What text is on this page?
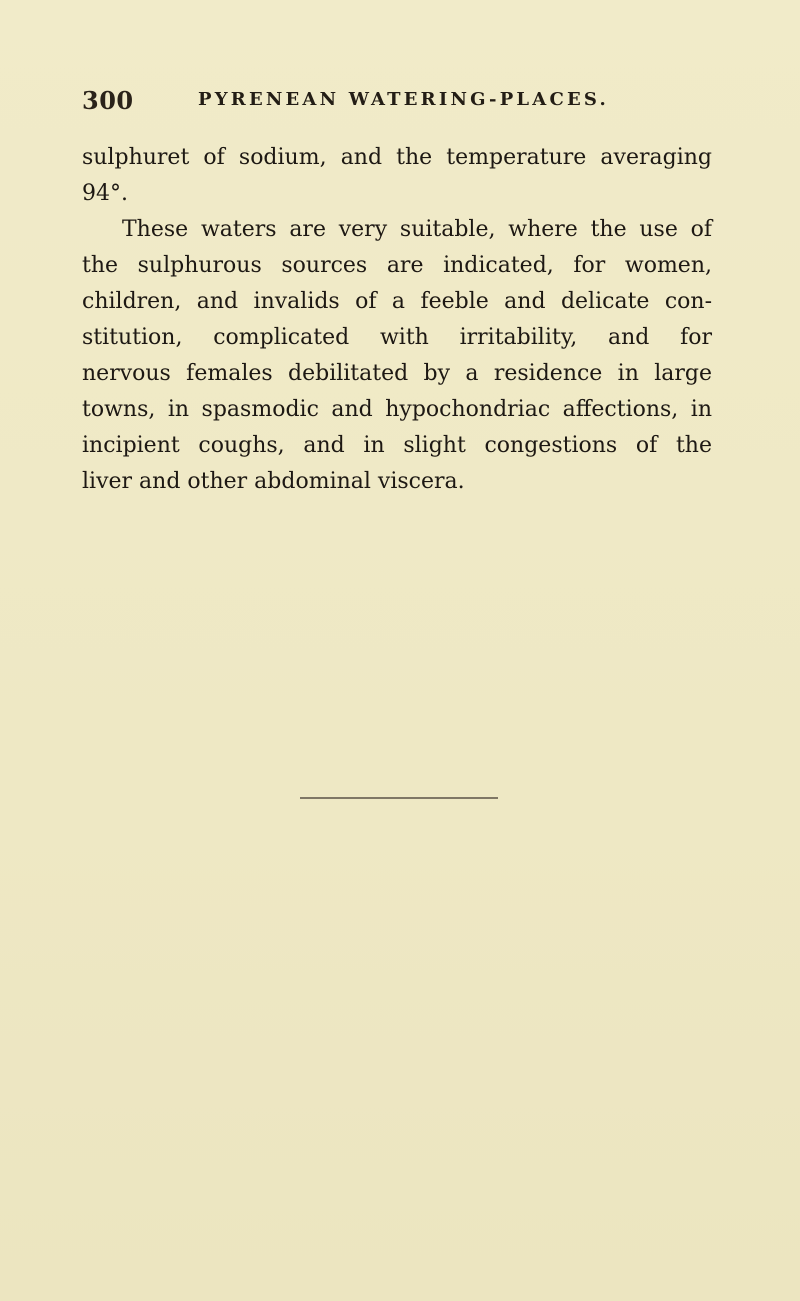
300	PYRENEAN WATERING-PLACES.
sulphuret of sodium, and the temperature averaging
94°.
These waters are very suitable, where the use of
the sulphurous sources are indicated, for women,
children, and invalids of a feeble and delicate con-
stitution, complicated with irritability, and for
nervous females debilitated by a residence in large
towns, in spasmodic and hypochondriac affections, in
incipient coughs, and in slight congestions of the
liver and other abdominal viscera.
